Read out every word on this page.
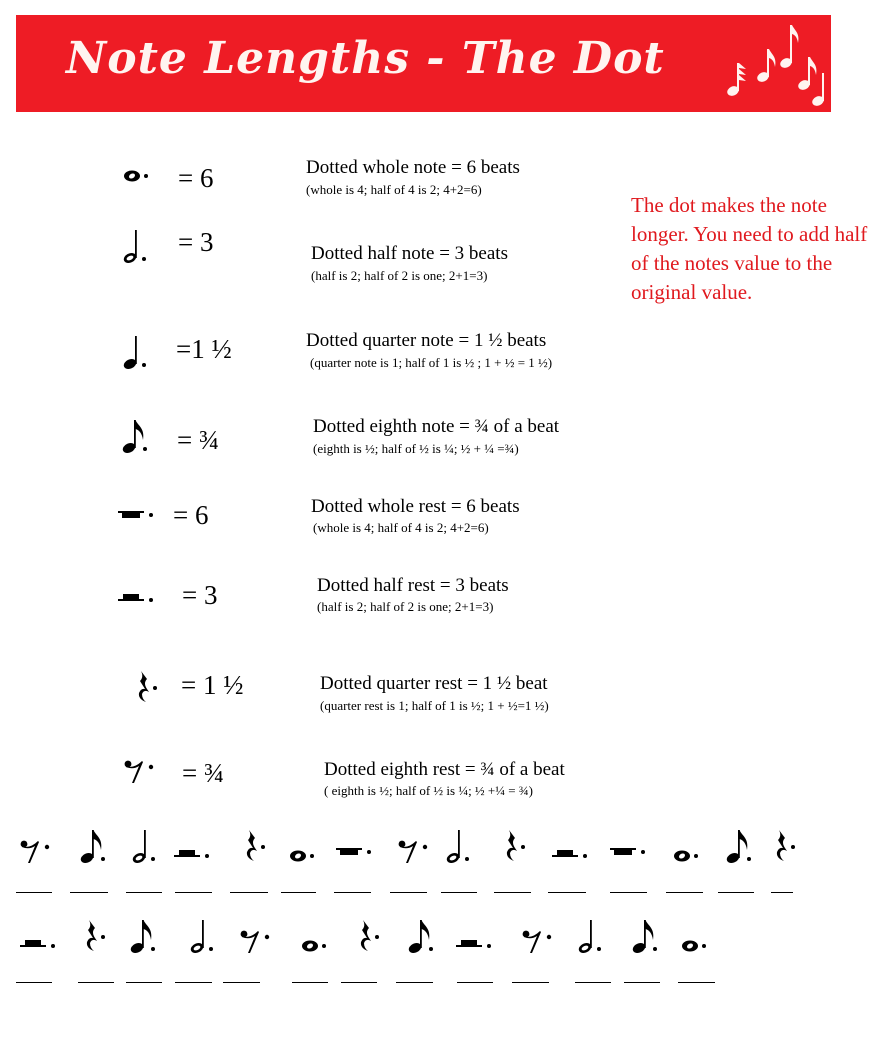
Note Lengths - The Dot
= 6	Dotted whole note = 6 beats
(whole is 4; half of 4 is 2; 4+2=6)
= 3	Dotted half note = 3 beats
(half is 2; half of 2 is one; 2+1=3)
=1 ½	Dotted quarter note = 1 ½ beats
(quarter note is 1; half of 1 is ½ ; 1 + ½ = 1 ½)
= ¾	Dotted eighth note = ¾ of a beat
(eighth is ½; half of ½ is ¼; ½ + ¼ =¾)
= 6	Dotted whole rest = 6 beats
(whole is 4; half of 4 is 2; 4+2=6)
= 3	Dotted half rest = 3 beats
(half is 2; half of 2 is one; 2+1=3)
= 1 ½	Dotted quarter rest = 1 ½ beat
(quarter rest is 1; half of 1 is ½; 1 + ½=1 ½)
= ¾	Dotted eighth rest = ¾ of a beat
( eighth is ½; half of ½ is ¼; ½ +¼ = ¾)
The dot makes the note longer. You need to add half of the notes value to the original value.
